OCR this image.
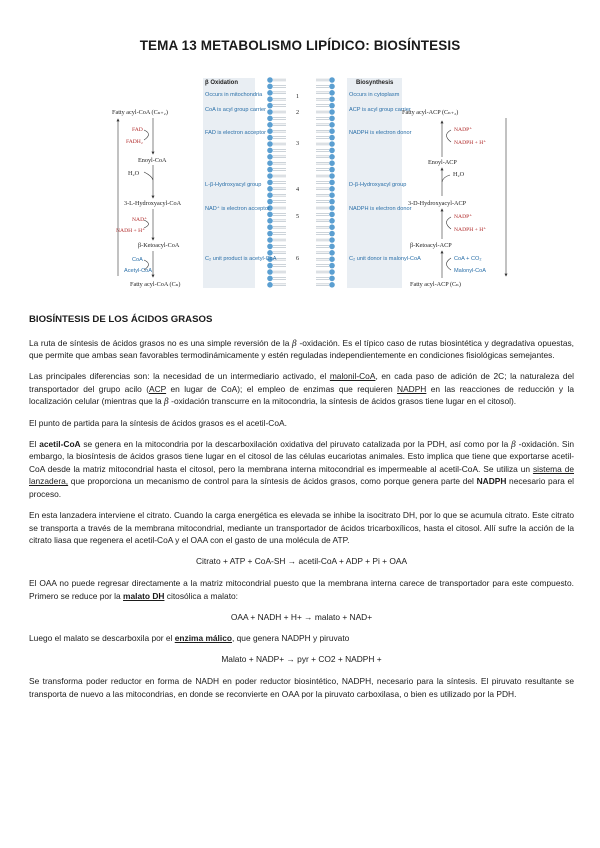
TEMA 13 METABOLISMO LIPÍDICO: BIOSÍNTESIS
β Oxidation	Biosynthesis
1
2
3
4
5
6
Occurs in mitochondria
CoA is acyl group carrier
FAD is electron acceptor
L-β-Hydroxyacyl group
NAD⁺ is electron acceptor
C₂ unit product is acetyl-CoA
Occurs in cytoplasm
ACP is acyl group carrier
NADPH is electron donor
D-β-Hydroxyacyl group
NADPH is electron donor
C₂ unit donor is malonyl-CoA
Fatty acyl-CoA (Cₙ₊₂)
FAD
FADH₂
Enoyl-CoA
H₂O
3-L-Hydroxyacyl-CoA
NAD⁺
NADH + H⁺
β-Ketoacyl-CoA
CoA
Acetyl-CoA
Fatty acyl-CoA (Cₙ)
Fatty acyl-ACP (Cₙ₊₂)
NADP⁺
NADPH + H⁺
Enoyl-ACP
H₂O
3-D-Hydroxyacyl-ACP
NADP⁺
NADPH + H⁺
β-Ketoacyl-ACP
CoA + CO₂
Malonyl-CoA
Fatty acyl-ACP (Cₙ)
BIOSÍNTESIS DE LOS ÁCIDOS GRASOS

La ruta de síntesis de ácidos grasos no es una simple reversión de la β -oxidación. Es el típico caso de rutas biosintética y degradativa opuestas, que permite que ambas sean favorables termodinámicamente y estén reguladas independientemente en condiciones fisiológicas semejantes.

Las principales diferencias son: la necesidad de un intermediario activado, el malonil-CoA, en cada paso de adición de 2C; la naturaleza del transportador del grupo acilo (ACP en lugar de CoA); el empleo de enzimas que requieren NADPH en las reacciones de reducción y la localización celular (mientras que la β -oxidación transcurre en la mitocondria, la síntesis de ácidos grasos tiene lugar en el citosol).

El punto de partida para la síntesis de ácidos grasos es el acetil-CoA.

El acetil-CoA se genera en la mitocondria por la descarboxilación oxidativa del piruvato catalizada por la PDH, así como por la β -oxidación. Sin embargo, la biosíntesis de ácidos grasos tiene lugar en el citosol de las células eucariotas animales. Esto implica que tiene que exportarse acetil-CoA desde la matriz mitocondrial hasta el citosol, pero la membrana interna mitocondrial es impermeable al acetil-CoA. Se utiliza un sistema de lanzadera, que proporciona un mecanismo de control para la síntesis de ácidos grasos, como porque genera parte del NADPH necesario para el proceso.

En esta lanzadera interviene el citrato. Cuando la carga energética es elevada se inhibe la isocitrato DH, por lo que se acumula citrato. Este citrato se transporta a través de la membrana mitocondrial, mediante un transportador de ácidos tricarboxílicos, hasta el citosol. Allí sufre la acción de la citrato liasa que regenera el acetil-CoA y el OAA con el gasto de una molécula de ATP.

Citrato + ATP + CoA-SH → acetil-CoA + ADP + Pi + OAA

El OAA no puede regresar directamente a la matriz mitocondrial puesto que la membrana interna carece de transportador para este compuesto. Primero se reduce por la malato DH citosólica a malato:

OAA + NADH + H+ → malato + NAD+

Luego el malato se descarboxila por el enzima málico, que genera NADPH y piruvato

Malato + NADP+ → pyr + CO2 + NADPH +

Se transforma poder reductor en forma de NADH en poder reductor biosintético, NADPH, necesario para la síntesis. El piruvato resultante se transporta de nuevo a las mitocondrias, en donde se reconvierte en OAA por la piruvato carboxilasa, o bien es utilizado por la PDH.
